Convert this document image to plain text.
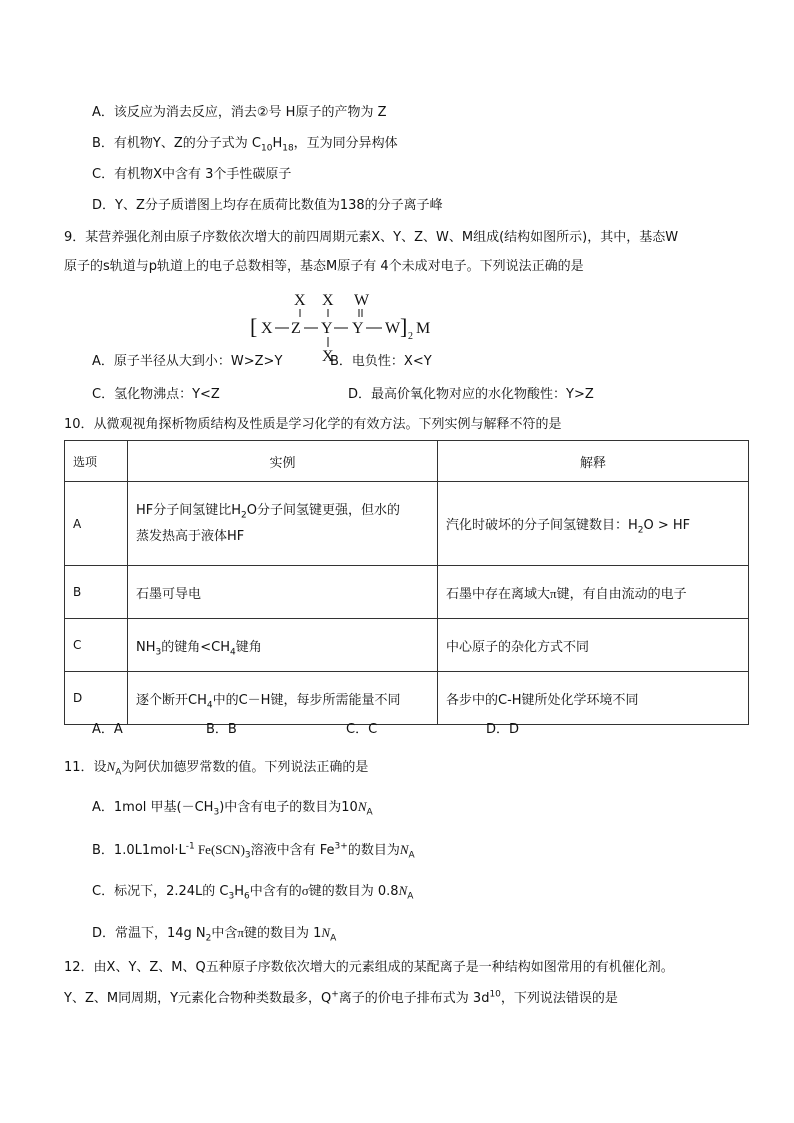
A．该反应为消去反应，消去②号 H原子的产物为 Z
B．有机物Y、Z的分子式为 $C_{10}H_{18}$，互为同分异构体
C．有机物X中含有 3个手性碳原子
D．Y、Z分子质谱图上均存在质荷比数值为138的分子离子峰
9．某营养强化剂由原子序数依次增大的前四周期元素X、Y、Z、W、M组成(结构如图所示)，其中，基态W
原子的s轨道与p轨道上的电子总数相等，基态M原子有 4个未成对电子。下列说法正确的是
X X W
[ X Z Y Y W ] 2 M
X
A．原子半径从大到小：W>Z>Y	B．电负性：X<Y
C．氢化物沸点：Y<Z	D．最高价氧化物对应的水化物酸性：Y>Z
10．从微观视角探析物质结构及性质是学习化学的有效方法。下列实例与解释不符的是
选项	实例	解释
A	HF分子间氢键比$H_2O$分子间氢键更强，但水的
蒸发热高于液体HF	汽化时破坏的分子间氢键数目：$H_2O$ > HF
B	石墨可导电	石墨中存在离域大π键，有自由流动的电子
C	$NH_3$的键角$<CH_4$键角	中心原子的杂化方式不同
D	逐个断开$CH_4$中的C－H键，每步所需能量不同	各步中的C-H键所处化学环境不同
A．A	B．B	C．C	D．D
11．设$N_A$为阿伏加德罗常数的值。下列说法正确的是
A．1mol 甲基$(-CH_3)$中含有电子的数目为$10N_A$
B．$1.0L1mol\cdot L^{-1}$ $Fe(SCN)_3$溶液中含有 $Fe^{3+}$的数目为$N_A$
C．标况下，2.24L的 $C_3H_6$中含有的σ键的数目为 $0.8N_A$
D．常温下，14g $N_2$中含π键的数目为 $1N_A$
12．由X、Y、Z、M、Q五种原子序数依次增大的元素组成的某配离子是一种结构如图常用的有机催化剂。
Y、Z、M同周期，Y元素化合物种类数最多，Q+离子的价电子排布式为 $3d^{10}$，下列说法错误的是
